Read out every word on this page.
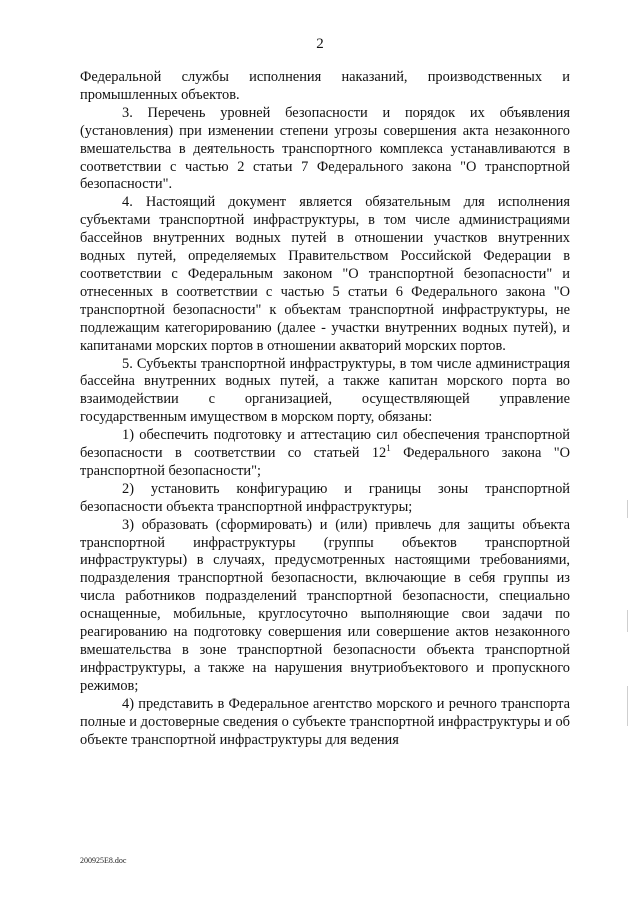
2

Федеральной службы исполнения наказаний, производственных и промышленных объектов.

3. Перечень уровней безопасности и порядок их объявления (установления) при изменении степени угрозы совершения акта незаконного вмешательства в деятельность транспортного комплекса устанавливаются в соответствии с частью 2 статьи 7 Федерального закона "О транспортной безопасности".

4. Настоящий документ является обязательным для исполнения субъектами транспортной инфраструктуры, в том числе администрациями бассейнов внутренних водных путей в отношении участков внутренних водных путей, определяемых Правительством Российской Федерации в соответствии с Федеральным законом "О транспортной безопасности" и отнесенных в соответствии с частью 5 статьи 6 Федерального закона "О транспортной безопасности" к объектам транспортной инфраструктуры, не подлежащим категорированию (далее - участки внутренних водных путей), и капитанами морских портов в отношении акваторий морских портов.

5. Субъекты транспортной инфраструктуры, в том числе администрация бассейна внутренних водных путей, а также капитан морского порта во взаимодействии с организацией, осуществляющей управление государственным имуществом в морском порту, обязаны:

1) обеспечить подготовку и аттестацию сил обеспечения транспортной безопасности в соответствии со статьей $12^1$ Федерального закона "О транспортной безопасности";

2) установить конфигурацию и границы зоны транспортной безопасности объекта транспортной инфраструктуры;

3) образовать (сформировать) и (или) привлечь для защиты объекта транспортной инфраструктуры (группы объектов транспортной инфраструктуры) в случаях, предусмотренных настоящими требованиями, подразделения транспортной безопасности, включающие в себя группы из числа работников подразделений транспортной безопасности, специально оснащенные, мобильные, круглосуточно выполняющие свои задачи по реагированию на подготовку совершения или совершение актов незаконного вмешательства в зоне транспортной безопасности объекта транспортной инфраструктуры, а также на нарушения внутриобъектового и пропускного режимов;

4) представить в Федеральное агентство морского и речного транспорта полные и достоверные сведения о субъекте транспортной инфраструктуры и об объекте транспортной инфраструктуры для ведения

200925E8.doc
